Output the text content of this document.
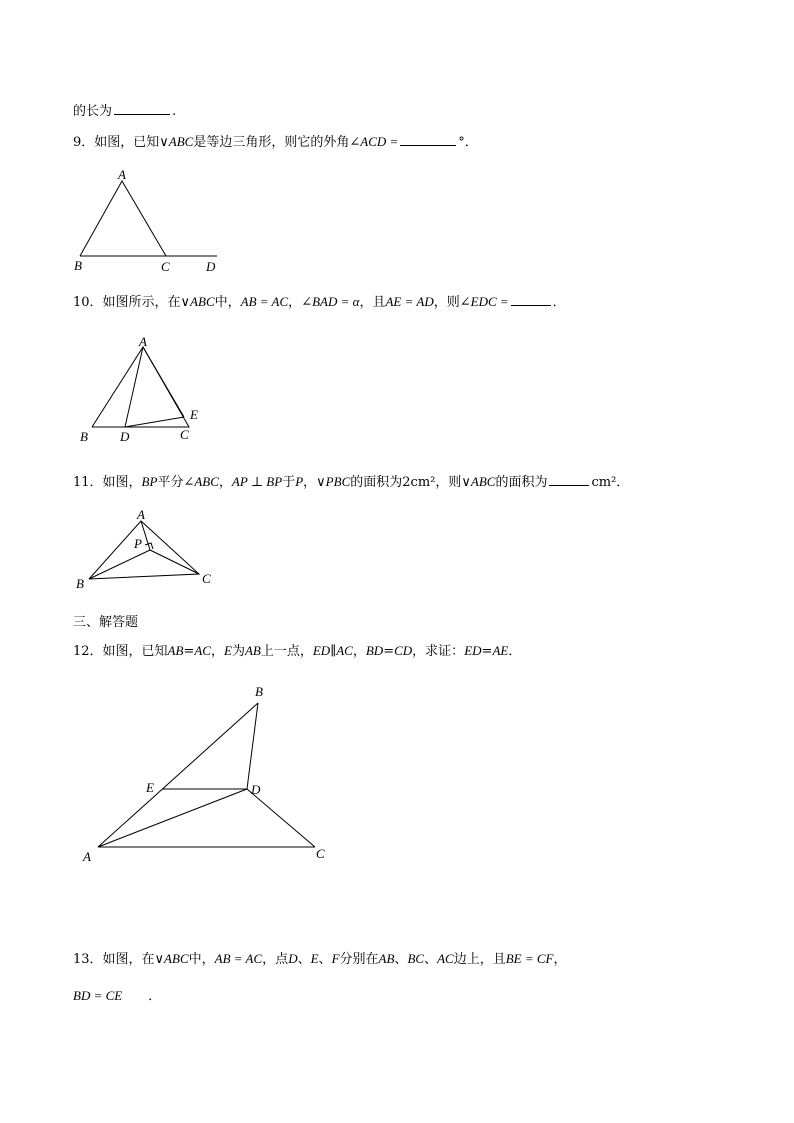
的长为	.
9．如图，已知∨ABC是等边三角形，则它的外角∠ACD =	°．
A
B	C	D
10．如图所示，在∨ABC中，AB = AC，∠BAD = α，且AE = AD，则∠EDC =	．
A
B D	C
E
11．如图，BP平分∠ABC，AP ⊥ BP于P，∨PBC的面积为2cm²，则∨ABC的面积为	cm²．
A
P
B	C
三、解答题
12．如图，已知AB=AC，E为AB上一点，ED∥AC，BD=CD，求证：ED=AE．
B
E	D
A	C
13．如图，在∨ABC中，AB = AC，点D、E、F分别在AB、BC、AC边上，且BE = CF，
BD = CE ．
